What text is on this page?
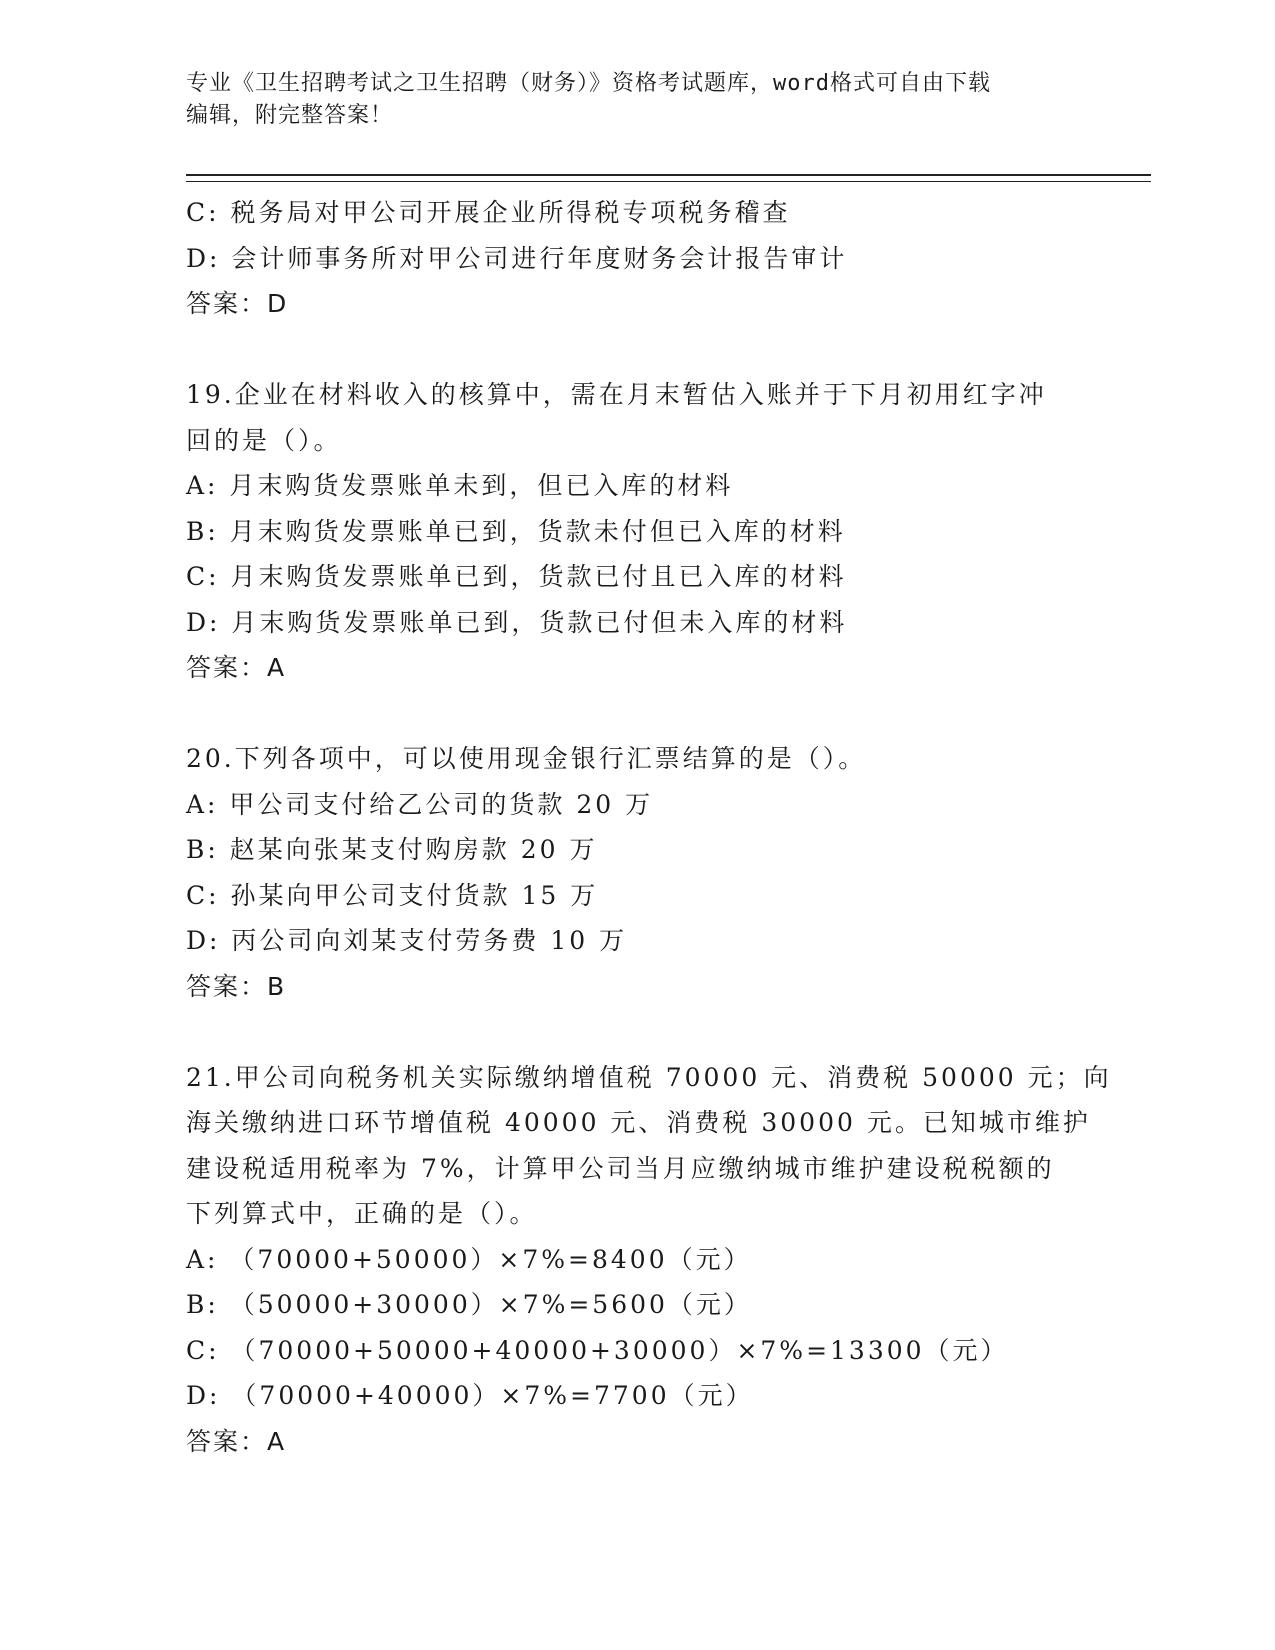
专业《卫生招聘考试之卫生招聘（财务）》资格考试题库，word格式可自由下载
编辑，附完整答案！
C: 税务局对甲公司开展企业所得税专项税务稽查
D: 会计师事务所对甲公司进行年度财务会计报告审计
答案：D
19.企业在材料收入的核算中，需在月末暂估入账并于下月初用红字冲
回的是（）。
A: 月末购货发票账单未到，但已入库的材料
B: 月末购货发票账单已到，货款未付但已入库的材料
C: 月末购货发票账单已到，货款已付且已入库的材料
D: 月末购货发票账单已到，货款已付但未入库的材料
答案：A
20.下列各项中，可以使用现金银行汇票结算的是（）。
A: 甲公司支付给乙公司的货款 20 万
B: 赵某向张某支付购房款 20 万
C: 孙某向甲公司支付货款 15 万
D: 丙公司向刘某支付劳务费 10 万
答案：B
21.甲公司向税务机关实际缴纳增值税 70000 元、消费税 50000 元；向
海关缴纳进口环节增值税 40000 元、消费税 30000 元。已知城市维护
建设税适用税率为 7%，计算甲公司当月应缴纳城市维护建设税税额的
下列算式中，正确的是（）。
A: （70000+50000）×7%=8400（元）
B: （50000+30000）×7%=5600（元）
C: （70000+50000+40000+30000）×7%=13300（元）
D: （70000+40000）×7%=7700（元）
答案：A
